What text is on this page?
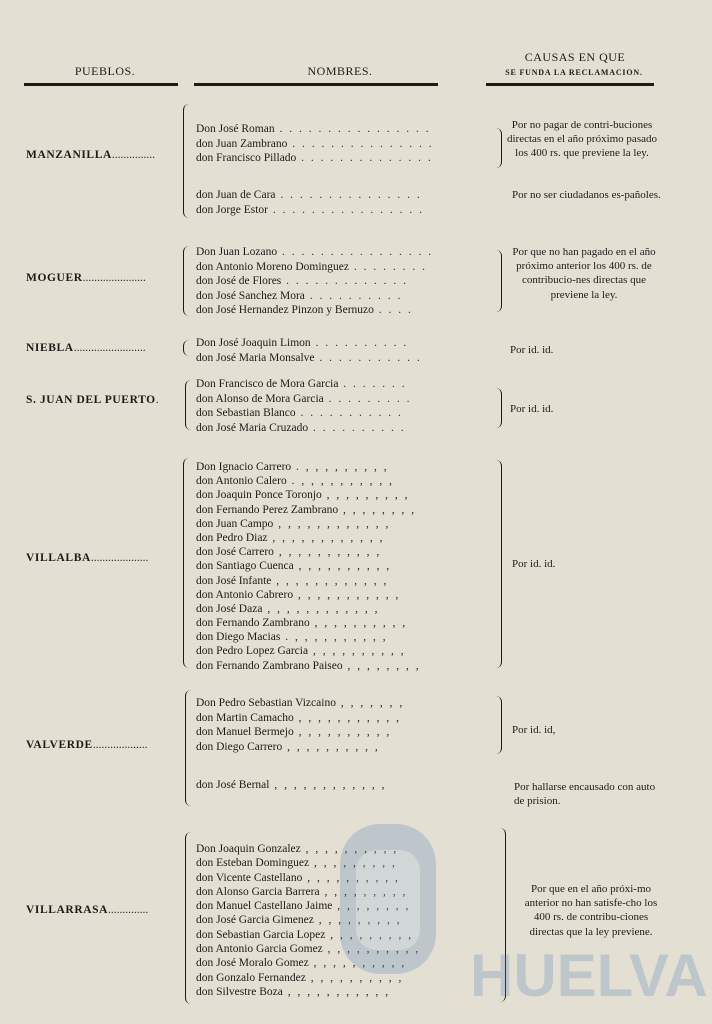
PUEBLOS.	NOMBRES.
CAUSAS EN QUE
SE FUNDA LA RECLAMACION.
MANZANILLA...............
Don José Roman . . . . . . . . . . . . . . . .
don Juan Zambrano . . . . . . . . . . . . . . .
don Francisco Pillado . . . . . . . . . . . . . .
Por no pagar de contri-buciones directas en el año próximo pasado los 400 rs. que previene la ley.
don Juan de Cara . . . . . . . . . . . . . . .
don Jorge Estor . . . . . . . . . . . . . . . .
Por no ser ciudadanos es-pañoles.
MOGUER......................
Don Juan Lozano . . . . . . . . . . . . . . . .
don Antonio Moreno Dominguez . . . . . . . .
don José de Flores . . . . . . . . . . . . .
don José Sanchez Mora . . . . . . . . . .
don José Hernandez Pinzon y Bernuzo . . . .
Por que no han pagado en el año próximo anterior los 400 rs. de contribucio-nes directas que previene la ley.
NIEBLA.........................	Don José Joaquin Limon . . . . . . . . . .
don José Maria Monsalve . . . . . . . . . . .
Por id. id.
S. JUAN DEL PUERTO.
Don Francisco de Mora Garcia . . . . . . .
don Alonso de Mora Garcia . . . . . . . . .
don Sebastian Blanco . . . . . . . . . . .
don José Maria Cruzado . . . . . . . . . .
Por id. id.
VILLALBA....................
Don Ignacio Carrero . , , , , , , , , ,
don Antonio Calero . , , , , , , , , , ,
don Joaquin Ponce Toronjo , , , , , , , , ,
don Fernando Perez Zambrano , , , , , , , ,
don Juan Campo , , , , , , , , , , , ,
don Pedro Diaz , , , , , , , , , , , ,
don José Carrero , , , , , , , , , , ,
don Santiago Cuenca , , , , , , , , , ,
don José Infante , , , , , , , , , , , ,
don Antonio Cabrero , , , , , , , , , , ,
don José Daza , , , , , , , , , , , ,
don Fernando Zambrano , , , , , , , , , ,
don Diego Macias . , , , , , , , , , ,
don Pedro Lopez Garcia , , , , , , , , , ,
don Fernando Zambrano Paiseo , , , , , , , ,
Por id. id.
VALVERDE...................
Don Pedro Sebastian Vizcaino , , , , , , ,
don Martin Camacho , , , , , , , , , , ,
don Manuel Bermejo , , , , , , , , , ,
don Diego Carrero , , , , , , , , , ,
Por id. id,
don José Bernal , , , , , , , , , , , ,	Por hallarse encausado con auto de prision.
VILLARRASA..............
Don Joaquin Gonzalez , , , , , , , , , ,
don Esteban Dominguez , , , , , , , , ,
don Vicente Castellano , , , , , , , , , ,
don Alonso Garcia Barrera , , , , , , , , ,
don Manuel Castellano Jaime , , , , , , , ,
don José Garcia Gimenez , , , , , , , , ,
don Sebastian Garcia Lopez , , , , , , , , ,
don Antonio Garcia Gomez , , , , , , , , , ,
don José Moralo Gomez , , , , , , , , , ,
don Gonzalo Fernandez , , , , , , , , , ,
don Silvestre Boza , , , , , , , , , , ,
Por que en el año próxi-mo anterior no han satisfe-cho los 400 rs. de contribu-ciones directas que la ley previene.
HUELVA
